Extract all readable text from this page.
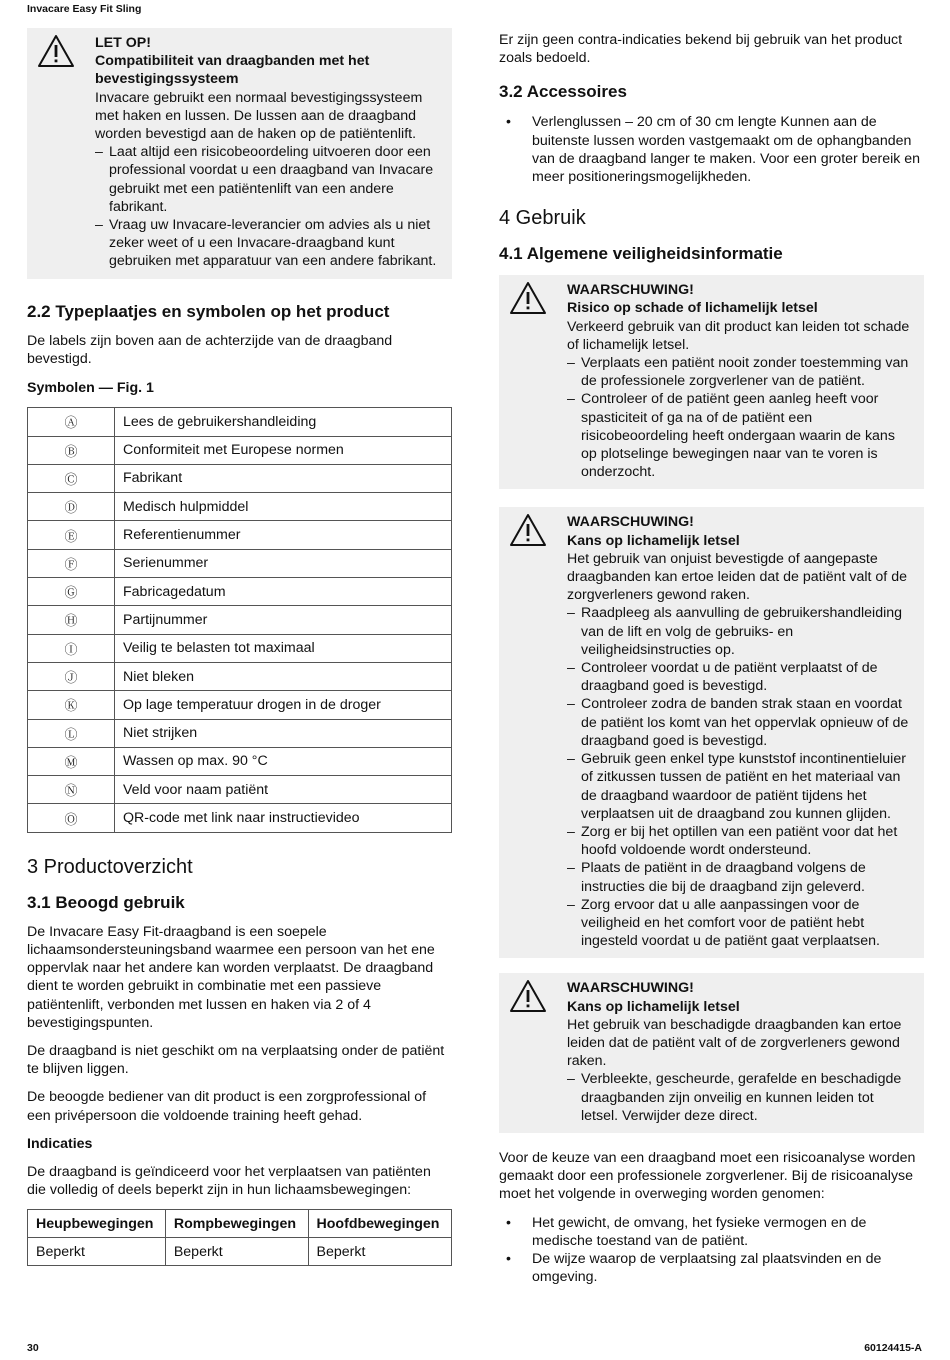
Invacare Easy Fit Sling
LET OP!
Compatibiliteit van draagbanden met het bevestigingssysteem
Invacare gebruikt een normaal bevestigingssysteem met haken en lussen. De lussen aan de draagband worden bevestigd aan de haken op de patiëntenlift.
– Laat altijd een risicobeoordeling uitvoeren door een professional voordat u een draagband van Invacare gebruikt met een patiëntenlift van een andere fabrikant.
– Vraag uw Invacare-leverancier om advies als u niet zeker weet of u een Invacare-draagband kunt gebruiken met apparatuur van een andere fabrikant.
2.2 Typeplaatjes en symbolen op het product

De labels zijn boven aan de achterzijde van de draagband bevestigd.

Symbolen — Fig. 1

Ⓐ	Lees de gebruikershandleiding
Ⓑ	Conformiteit met Europese normen
Ⓒ	Fabrikant
Ⓓ	Medisch hulpmiddel
Ⓔ	Referentienummer
Ⓕ	Serienummer
Ⓖ	Fabricagedatum
Ⓗ	Partijnummer
Ⓘ	Veilig te belasten tot maximaal
Ⓙ	Niet bleken
Ⓚ	Op lage temperatuur drogen in de droger
Ⓛ	Niet strijken
Ⓜ	Wassen op max. 90 °C
Ⓝ	Veld voor naam patiënt
Ⓞ	QR-code met link naar instructievideo
3 Productoverzicht
3.1 Beoogd gebruik

De Invacare Easy Fit-draagband is een soepele lichaamsondersteuningsband waarmee een persoon van het ene oppervlak naar het andere kan worden verplaatst. De draagband dient te worden gebruikt in combinatie met een passieve patiëntenlift, verbonden met lussen en haken via 2 of 4 bevestigingspunten.

De draagband is niet geschikt om na verplaatsing onder de patiënt te blijven liggen.

De beoogde bediener van dit product is een zorgprofessional of een privépersoon die voldoende training heeft gehad.

Indicaties

De draagband is geïndiceerd voor het verplaatsen van patiënten die volledig of deels beperkt zijn in hun lichaamsbewegingen:

Heupbewegingen	Rompbewegingen	Hoofdbewegingen
Beperkt	Beperkt	Beperkt

Er zijn geen contra-indicaties bekend bij gebruik van het product zoals bedoeld.

3.2 Accessoires
• Verlenglussen – 20 cm of 30 cm lengte Kunnen aan de buitenste lussen worden vastgemaakt om de ophangbanden van de draagband langer te maken. Voor een groter bereik en meer positioneringsmogelijkheden.
4 Gebruik
4.1 Algemene veiligheidsinformatie
WAARSCHUWING!
Risico op schade of lichamelijk letsel
Verkeerd gebruik van dit product kan leiden tot schade of lichamelijk letsel.
– Verplaats een patiënt nooit zonder toestemming van de professionele zorgverlener van de patiënt.
– Controleer of de patiënt geen aanleg heeft voor spasticiteit of ga na of de patiënt een risicobeoordeling heeft ondergaan waarin de kans op plotselinge bewegingen naar van te voren is onderzocht.
WAARSCHUWING!
Kans op lichamelijk letsel
Het gebruik van onjuist bevestigde of aangepaste draagbanden kan ertoe leiden dat de patiënt valt of de zorgverleners gewond raken.
– Raadpleeg als aanvulling de gebruikershandleiding van de lift en volg de gebruiks- en veiligheidsinstructies op.
– Controleer voordat u de patiënt verplaatst of de draagband goed is bevestigd.
– Controleer zodra de banden strak staan en voordat de patiënt los komt van het oppervlak opnieuw of de draagband goed is bevestigd.
– Gebruik geen enkel type kunststof incontinentieluier of zitkussen tussen de patiënt en het materiaal van de draagband waardoor de patiënt tijdens het verplaatsen uit de draagband zou kunnen glijden.
– Zorg er bij het optillen van een patiënt voor dat het hoofd voldoende wordt ondersteund.
– Plaats de patiënt in de draagband volgens de instructies die bij de draagband zijn geleverd.
– Zorg ervoor dat u alle aanpassingen voor de veiligheid en het comfort voor de patiënt hebt ingesteld voordat u de patiënt gaat verplaatsen.
WAARSCHUWING!
Kans op lichamelijk letsel
Het gebruik van beschadigde draagbanden kan ertoe leiden dat de patiënt valt of de zorgverleners gewond raken.
– Verbleekte, gescheurde, gerafelde en beschadigde draagbanden zijn onveilig en kunnen leiden tot letsel. Verwijder deze direct.

Voor de keuze van een draagband moet een risicoanalyse worden gemaakt door een professionele zorgverlener. Bij de risicoanalyse moet het volgende in overweging worden genomen:

• Het gewicht, de omvang, het fysieke vermogen en de medische toestand van de patiënt.
• De wijze waarop de verplaatsing zal plaatsvinden en de omgeving.
30	60124415-A
